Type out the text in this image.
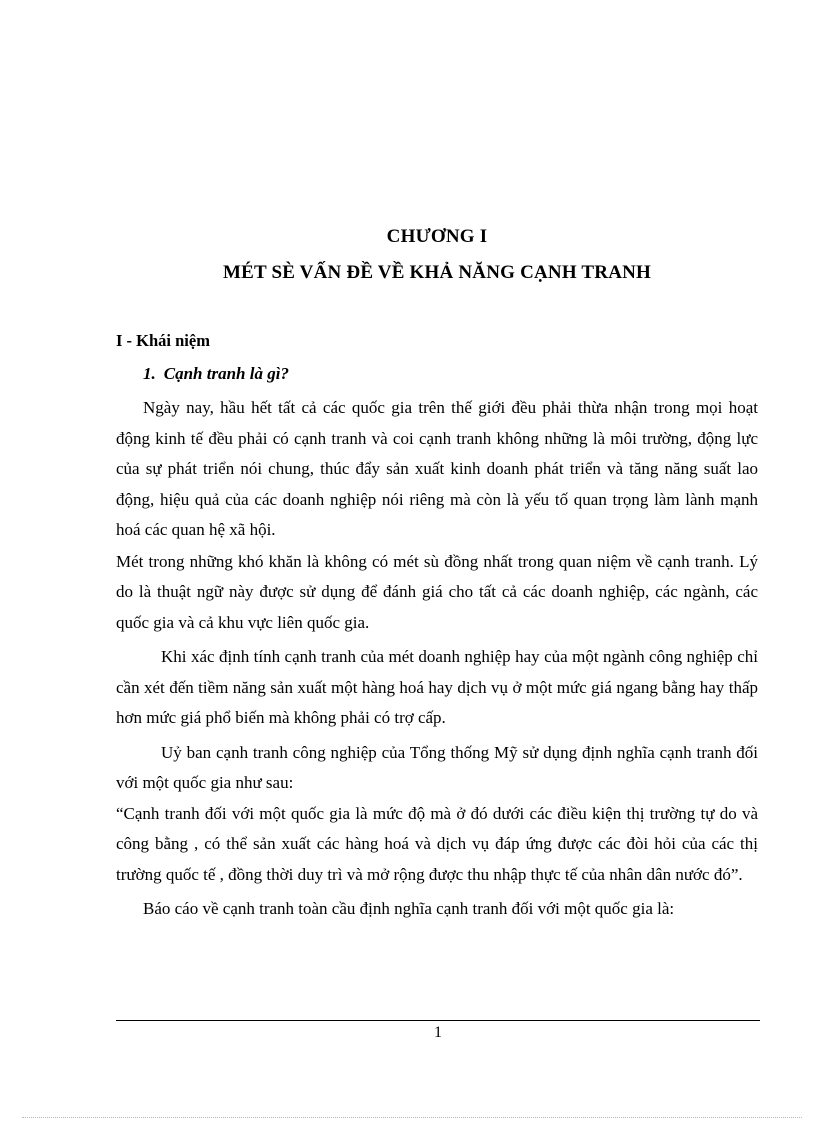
CHƯƠNG I
MÉT SÈ VẤN ĐỀ VỀ KHẢ NĂNG CẠNH TRANH
I - Khái niệm
1. Cạnh tranh là gì?

Ngày nay, hầu hết tất cả các quốc gia trên thế giới đều phải thừa nhận trong mọi hoạt động kinh tế đều phải có cạnh tranh và coi cạnh tranh không những là môi trường, động lực của sự phát triển nói chung, thúc đẩy sản xuất kinh doanh phát triển và tăng năng suất lao động, hiệu quả của các doanh nghiệp nói riêng mà còn là yếu tố quan trọng làm lành mạnh hoá các quan hệ xã hội.

Mét trong những khó khăn là không có mét sù đồng nhất trong quan niệm về cạnh tranh. Lý do là thuật ngữ này được sử dụng để đánh giá cho tất cả các doanh nghiệp, các ngành, các quốc gia và cả khu vực liên quốc gia.

Khi xác định tính cạnh tranh của mét doanh nghiệp hay của một ngành công nghiệp chỉ cần xét đến tiềm năng sản xuất một hàng hoá hay dịch vụ ở một mức giá ngang bằng hay thấp hơn mức giá phổ biến mà không phải có trợ cấp.

Uỷ ban cạnh tranh công nghiệp của Tổng thống Mỹ sử dụng định nghĩa cạnh tranh đối với một quốc gia như sau:

“Cạnh tranh đối với một quốc gia là mức độ mà ở đó dưới các điều kiện thị trường tự do và công bằng , có thể sản xuất các hàng hoá và dịch vụ đáp ứng được các đòi hỏi của các thị trường quốc tế , đồng thời duy trì và mở rộng được thu nhập thực tế của nhân dân nước đó”.

Báo cáo về cạnh tranh toàn cầu định nghĩa cạnh tranh đối với một quốc gia là:

1
